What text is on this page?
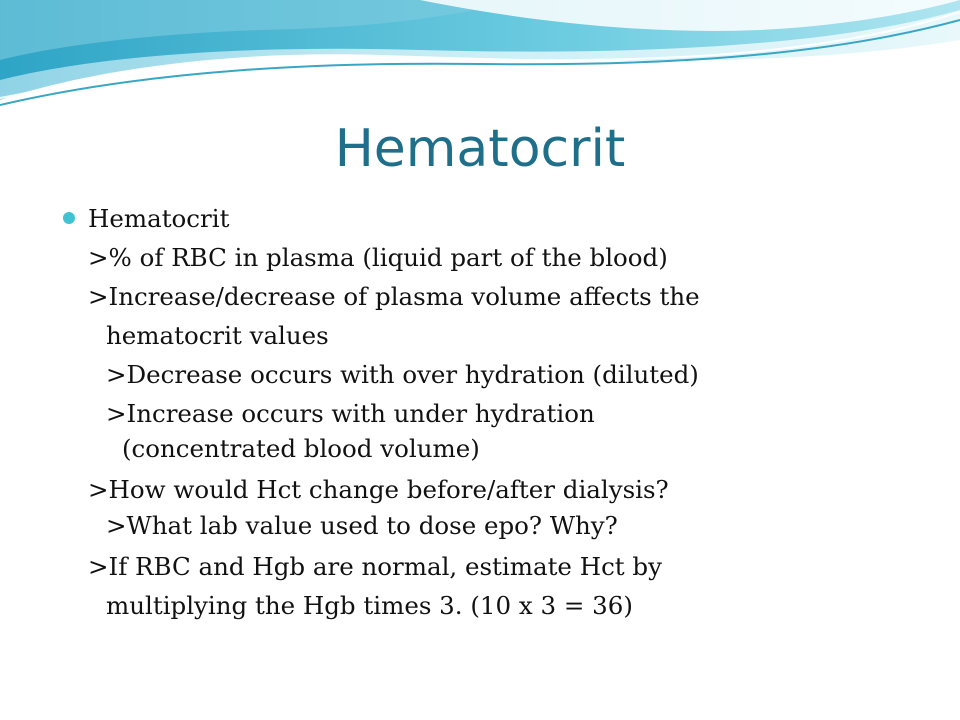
Hematocrit
Hematocrit
>% of RBC in plasma (liquid part of the blood)
>Increase/decrease of plasma volume affects the
hematocrit values
>Decrease occurs with over hydration (diluted)
>Increase occurs with under hydration
(concentrated blood volume)
>How would Hct change before/after dialysis?
>What lab value used to dose epo? Why?
>If RBC and Hgb are normal, estimate Hct by
multiplying the Hgb times 3. (10 x 3 = 36)
